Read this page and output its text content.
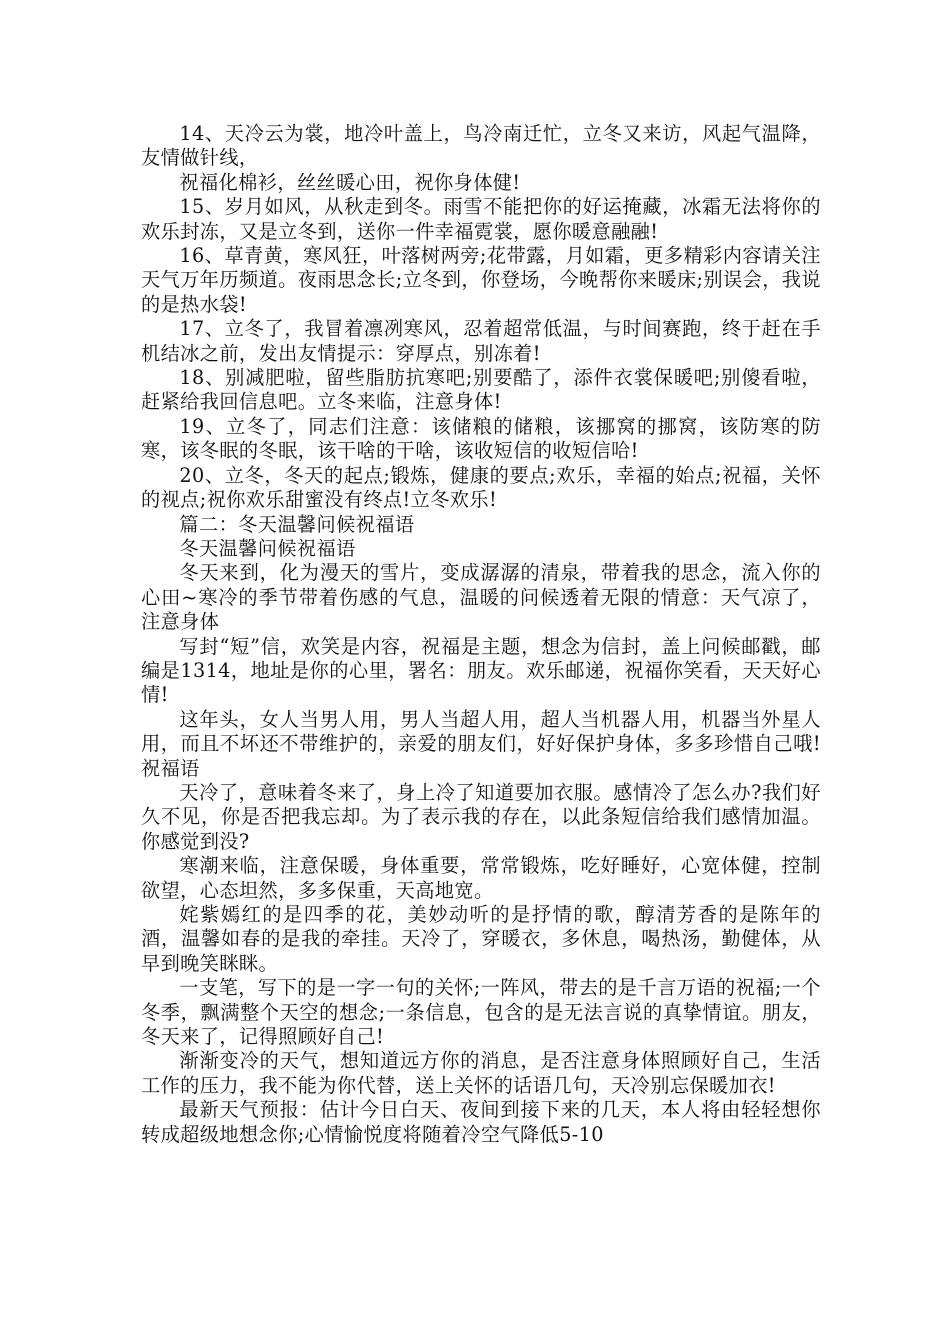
14、天冷云为裳，地冷叶盖上，鸟冷南迁忙，立冬又来访，风起气温降，友情做针线，

祝福化棉衫，丝丝暖心田，祝你身体健!

15、岁月如风，从秋走到冬。雨雪不能把你的好运掩藏，冰霜无法将你的欢乐封冻，又是立冬到，送你一件幸福霓裳，愿你暖意融融!

16、草青黄，寒风狂，叶落树两旁;花带露，月如霜，更多精彩内容请关注天气万年历频道。夜雨思念长;立冬到，你登场，今晚帮你来暖床;别误会，我说的是热水袋!

17、立冬了，我冒着凛冽寒风，忍着超常低温，与时间赛跑，终于赶在手机结冰之前，发出友情提示：穿厚点，别冻着!

18、别减肥啦，留些脂肪抗寒吧;别要酷了，添件衣裳保暖吧;别傻看啦，赶紧给我回信息吧。立冬来临，注意身体!

19、立冬了，同志们注意：该储粮的储粮，该挪窝的挪窝，该防寒的防寒，该冬眠的冬眠，该干啥的干啥，该收短信的收短信哈!

20、立冬，冬天的起点;锻炼，健康的要点;欢乐，幸福的始点;祝福，关怀的视点;祝你欢乐甜蜜没有终点!立冬欢乐!

篇二：冬天温馨问候祝福语

冬天温馨问候祝福语

冬天来到，化为漫天的雪片，变成潺潺的清泉，带着我的思念，流入你的心田~寒冷的季节带着伤感的气息，温暖的问候透着无限的情意：天气凉了，注意身体

写封“短”信，欢笑是内容，祝福是主题，想念为信封，盖上问候邮戳，邮编是1314，地址是你的心里，署名：朋友。欢乐邮递，祝福你笑看，天天好心情!

这年头，女人当男人用，男人当超人用，超人当机器人用，机器当外星人用，而且不坏还不带维护的，亲爱的朋友们，好好保护身体，多多珍惜自己哦!祝福语

天冷了，意味着冬来了，身上冷了知道要加衣服。感情冷了怎么办?我们好久不见，你是否把我忘却。为了表示我的存在，以此条短信给我们感情加温。你感觉到没?

寒潮来临，注意保暖，身体重要，常常锻炼，吃好睡好，心宽体健，控制欲望，心态坦然，多多保重，天高地宽。

姹紫嫣红的是四季的花，美妙动听的是抒情的歌，醇清芳香的是陈年的酒，温馨如春的是我的牵挂。天冷了，穿暖衣，多休息，喝热汤，勤健体，从早到晚笑眯眯。

一支笔，写下的是一字一句的关怀;一阵风，带去的是千言万语的祝福;一个冬季，飘满整个天空的想念;一条信息，包含的是无法言说的真挚情谊。朋友，冬天来了，记得照顾好自己!

渐渐变冷的天气，想知道远方你的消息，是否注意身体照顾好自己，生活工作的压力，我不能为你代替，送上关怀的话语几句，天冷别忘保暖加衣!

最新天气预报：估计今日白天、夜间到接下来的几天，本人将由轻轻想你转成超级地想念你;心情愉悦度将随着冷空气降低5-10
